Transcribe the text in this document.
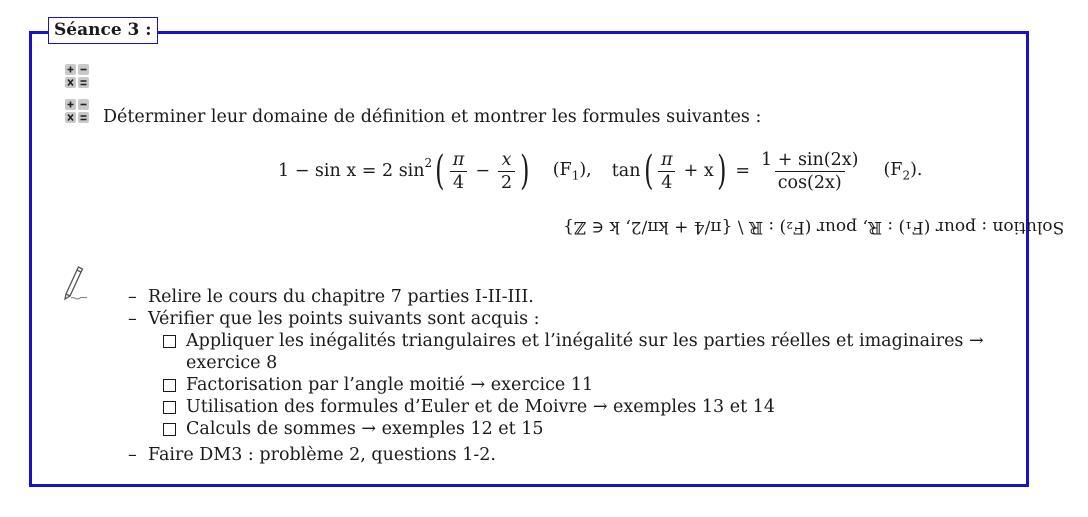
Séance 3 :
Déterminer leur domaine de définition et montrer les formules suivantes :
1 − sin x = 2 $\sin^2$ ( $\frac{\pi}{4} - \frac{x}{2}$ ) $(F_1)$, tan ( $\frac{\pi}{4} + x$ ) = $\frac{1 + \sin(2x)}{\cos(2x)} (F_2)$.
Solution : pour (F₁) : ℝ, pour (F₂) : ℝ \ {π/4 + kπ/2, k ∈ ℤ}
– Relire le cours du chapitre 7 parties I-II-III.
– Vérifier que les points suivants sont acquis :
Appliquer les inégalités triangulaires et l’inégalité sur les parties réelles et imaginaires → exercice 8
Factorisation par l’angle moitié → exercice 11
Utilisation des formules d’Euler et de Moivre → exemples 13 et 14
Calculs de sommes → exemples 12 et 15
– Faire DM3 : problème 2, questions 1-2.
